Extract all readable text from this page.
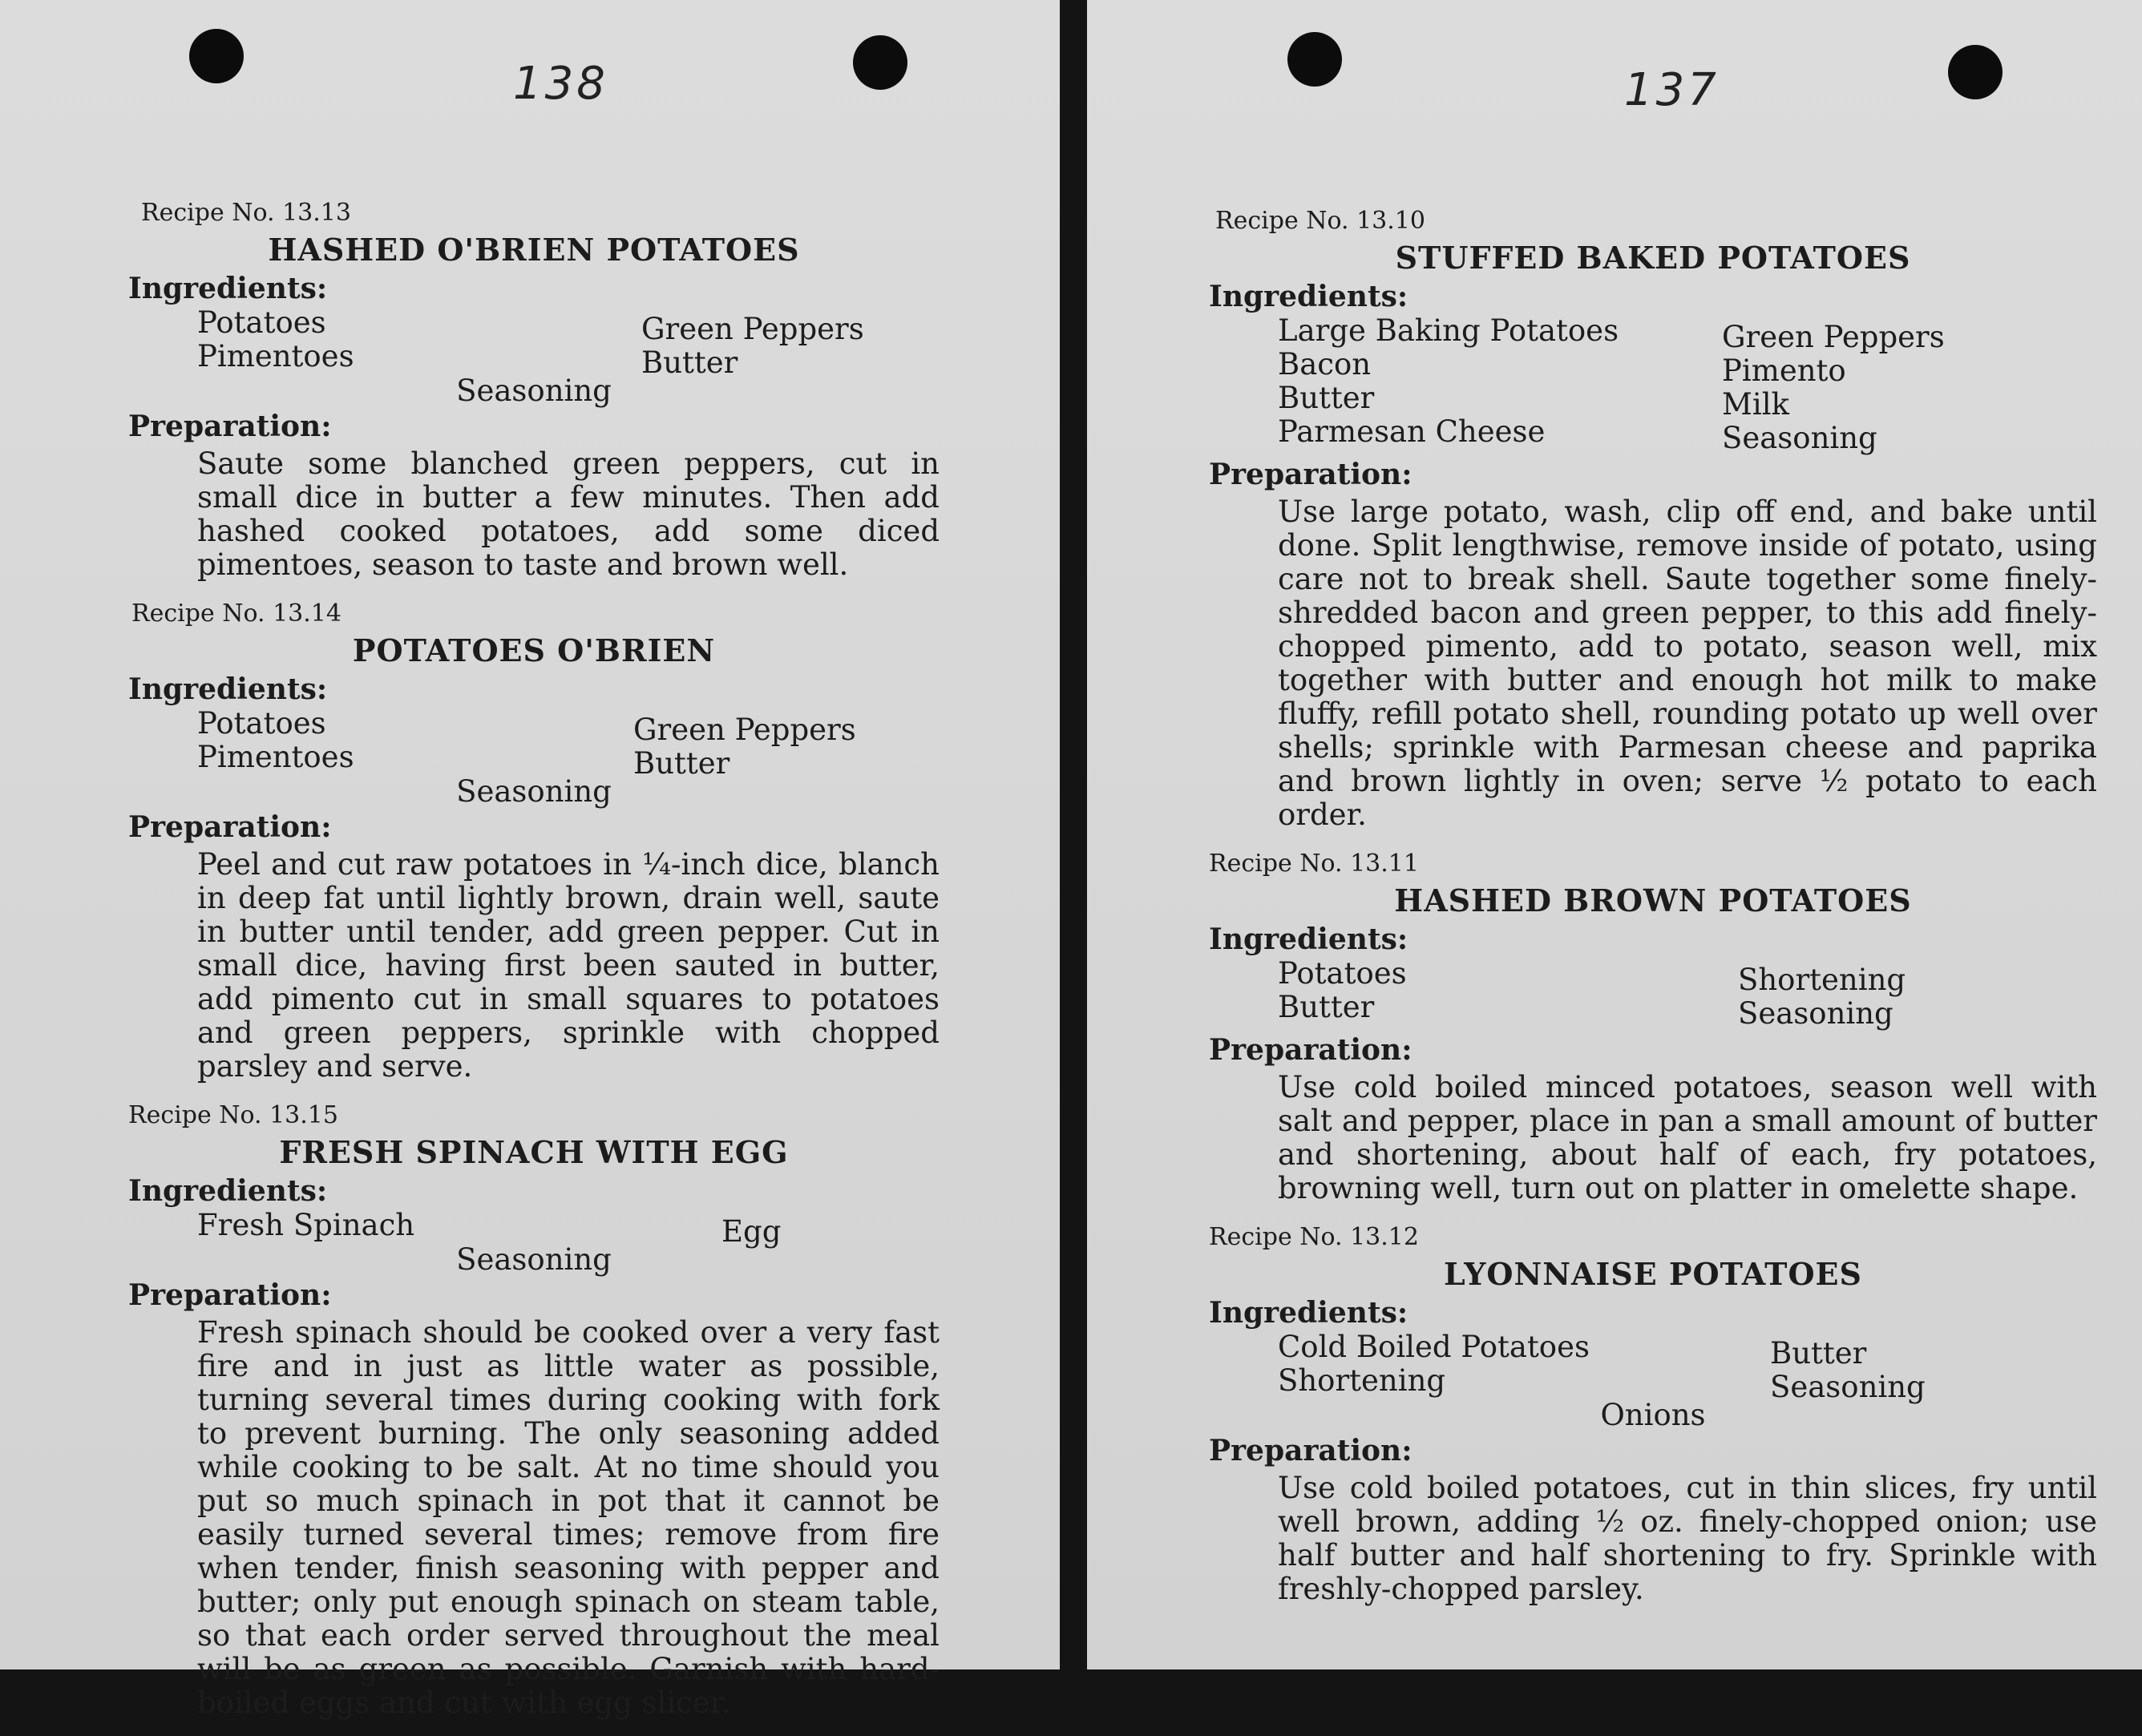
138
Recipe No. 13.13
HASHED O'BRIEN POTATOES
Ingredients:
Potatoes
Pimentoes
Green Peppers
Butter
Seasoning
Preparation:
Saute some blanched green peppers, cut in small dice in butter a few minutes. Then add hashed cooked potatoes, add some diced pimentoes, season to taste and brown well.
Recipe No. 13.14
POTATOES O'BRIEN
Ingredients:
Potatoes
Pimentoes
Green Peppers
Butter
Seasoning
Preparation:
Peel and cut raw potatoes in ¼-inch dice, blanch in deep fat until lightly brown, drain well, saute in butter until tender, add green pepper. Cut in small dice, having first been sauted in butter, add pimento cut in small squares to potatoes and green peppers, sprinkle with chopped parsley and serve.
Recipe No. 13.15
FRESH SPINACH WITH EGG
Ingredients:
Fresh Spinach	Egg
Seasoning
Preparation:
Fresh spinach should be cooked over a very fast fire and in just as little water as possible, turning several times during cooking with fork to prevent burning. The only seasoning added while cooking to be salt. At no time should you put so much spinach in pot that it cannot be easily turned several times; remove from fire when tender, finish seasoning with pepper and butter; only put enough spinach on steam table, so that each order served throughout the meal will be as green as possible. Garnish with hard-boiled eggs and cut with egg slicer.
137
Recipe No. 13.10
STUFFED BAKED POTATOES
Ingredients:
Large Baking Potatoes
Bacon
Butter
Parmesan Cheese
Green Peppers
Pimento
Milk
Seasoning
Preparation:
Use large potato, wash, clip off end, and bake until done. Split lengthwise, remove inside of potato, using care not to break shell. Saute together some finely-shredded bacon and green pepper, to this add finely-chopped pimento, add to potato, season well, mix together with butter and enough hot milk to make fluffy, refill potato shell, rounding potato up well over shells; sprinkle with Parmesan cheese and paprika and brown lightly in oven; serve ½ potato to each order.
Recipe No. 13.11
HASHED BROWN POTATOES
Ingredients:
Potatoes
Butter
Shortening
Seasoning
Preparation:
Use cold boiled minced potatoes, season well with salt and pepper, place in pan a small amount of butter and shortening, about half of each, fry potatoes, browning well, turn out on platter in omelette shape.
Recipe No. 13.12
LYONNAISE POTATOES
Ingredients:
Cold Boiled Potatoes
Shortening
Butter
Seasoning
Onions
Preparation:
Use cold boiled potatoes, cut in thin slices, fry until well brown, adding ½ oz. finely-chopped onion; use half butter and half shortening to fry. Sprinkle with freshly-chopped parsley.
